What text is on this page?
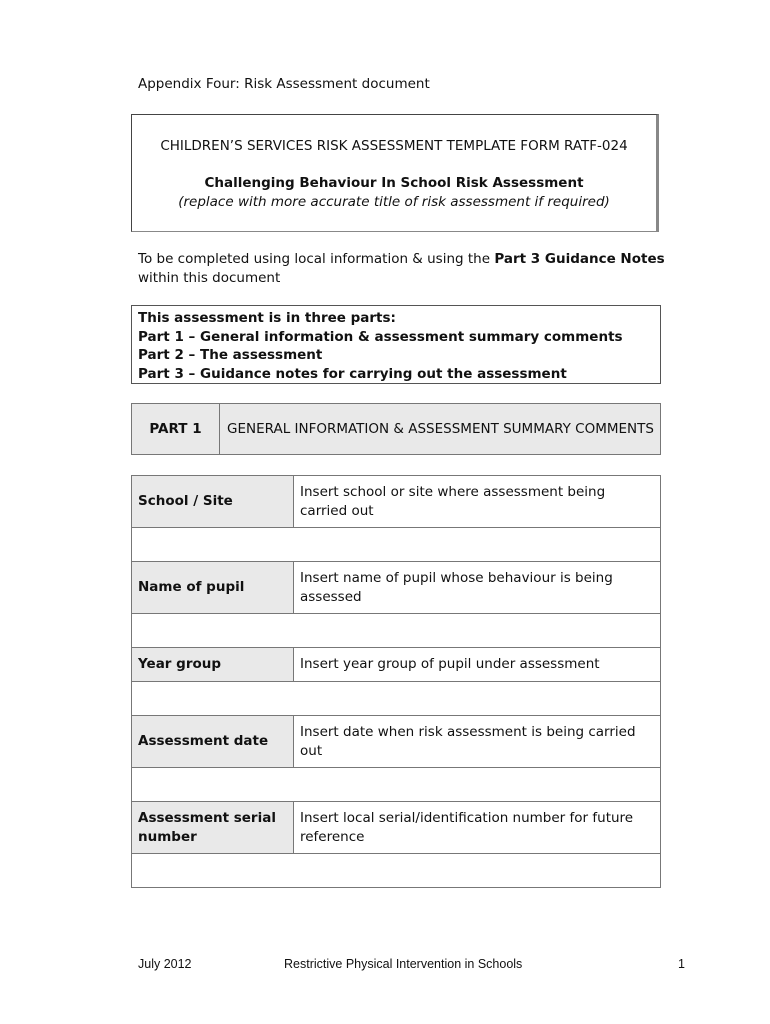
Appendix Four: Risk Assessment document
CHILDREN’S SERVICES RISK ASSESSMENT TEMPLATE FORM RATF-024
Challenging Behaviour In School Risk Assessment
(replace with more accurate title of risk assessment if required)
To be completed using local information & using the Part 3 Guidance Notes within this document
This assessment is in three parts:
Part 1 – General information & assessment summary comments
Part 2 – The assessment
Part 3 – Guidance notes for carrying out the assessment
PART 1	GENERAL INFORMATION & ASSESSMENT SUMMARY COMMENTS
School / Site	Insert school or site where assessment being carried out

Name of pupil	Insert name of pupil whose behaviour is being assessed

Year group	Insert year group of pupil under assessment

Assessment date	Insert date when risk assessment is being carried out

Assessment serial number	Insert local serial/identification number for future reference

July 2012	Restrictive Physical Intervention in Schools	1
